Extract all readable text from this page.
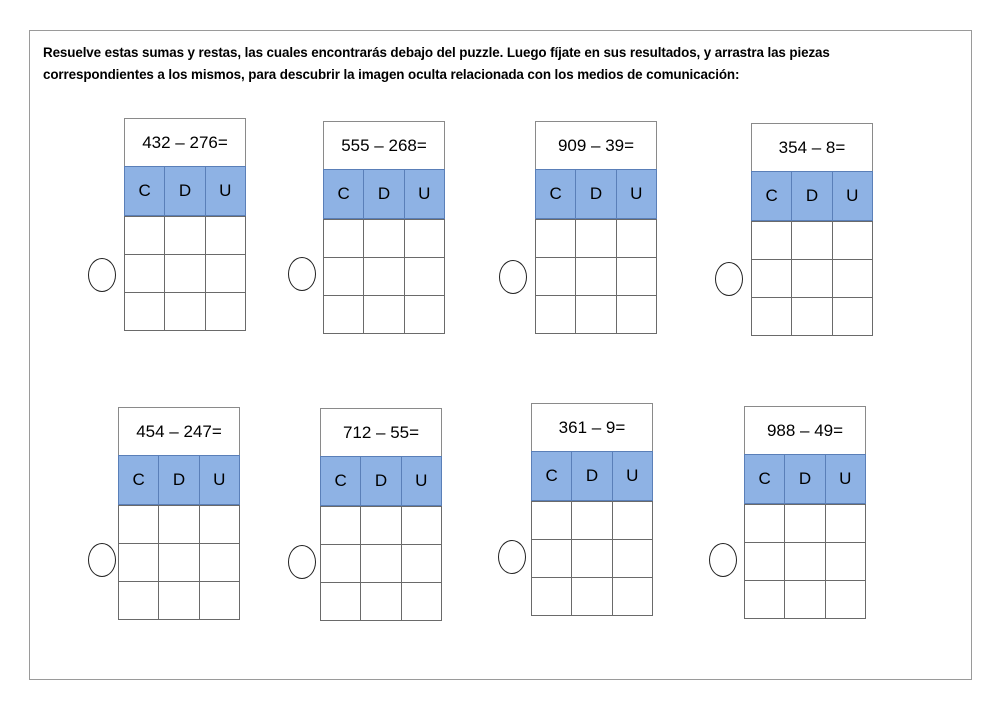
Resuelve estas sumas y restas, las cuales encontrarás debajo del puzzle. Luego fíjate en sus resultados, y arrastra las piezas correspondientes a los mismos, para descubrir la imagen oculta relacionada con los medios de comunicación:
432 – 276=
C	D	U
555 – 268=
C	D	U
909 – 39=
C	D	U
354 – 8=
C	D	U
454 – 247=
C	D	U
712 – 55=
C	D	U
361 – 9=
C	D	U
988 – 49=
C	D	U
